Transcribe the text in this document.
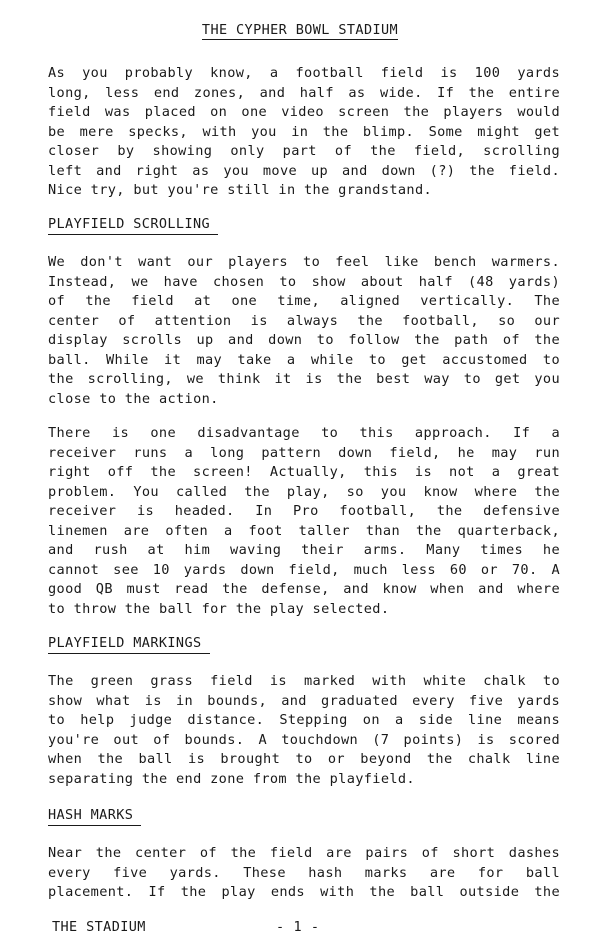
THE CYPHER BOWL STADIUM
As you probably know, a football field is 100 yards
long, less end zones, and half as wide. If the entire
field was placed on one video screen the players would
be mere specks, with you in the blimp. Some might get
closer by showing only part of the field, scrolling
left and right as you move up and down (?) the field.
Nice try, but you're still in the grandstand.
PLAYFIELD SCROLLING
We don't want our players to feel like bench warmers.
Instead, we have chosen to show about half (48 yards)
of the field at one time, aligned vertically. The
center of attention is always the football, so our
display scrolls up and down to follow the path of the
ball. While it may take a while to get accustomed to
the scrolling, we think it is the best way to get you
close to the action.
There is one disadvantage to this approach. If a
receiver runs a long pattern down field, he may run
right off the screen! Actually, this is not a great
problem. You called the play, so you know where the
receiver is headed. In Pro football, the defensive
linemen are often a foot taller than the quarterback,
and rush at him waving their arms. Many times he
cannot see 10 yards down field, much less 60 or 70. A
good QB must read the defense, and know when and where
to throw the ball for the play selected.
PLAYFIELD MARKINGS
The green grass field is marked with white chalk to
show what is in bounds, and graduated every five yards
to help judge distance. Stepping on a side line means
you're out of bounds. A touchdown (7 points) is scored
when the ball is brought to or beyond the chalk line
separating the end zone from the playfield.
HASH MARKS
Near the center of the field are pairs of short dashes
every five yards. These hash marks are for ball
placement. If the play ends with the ball outside the
THE STADIUM	- 1 -
